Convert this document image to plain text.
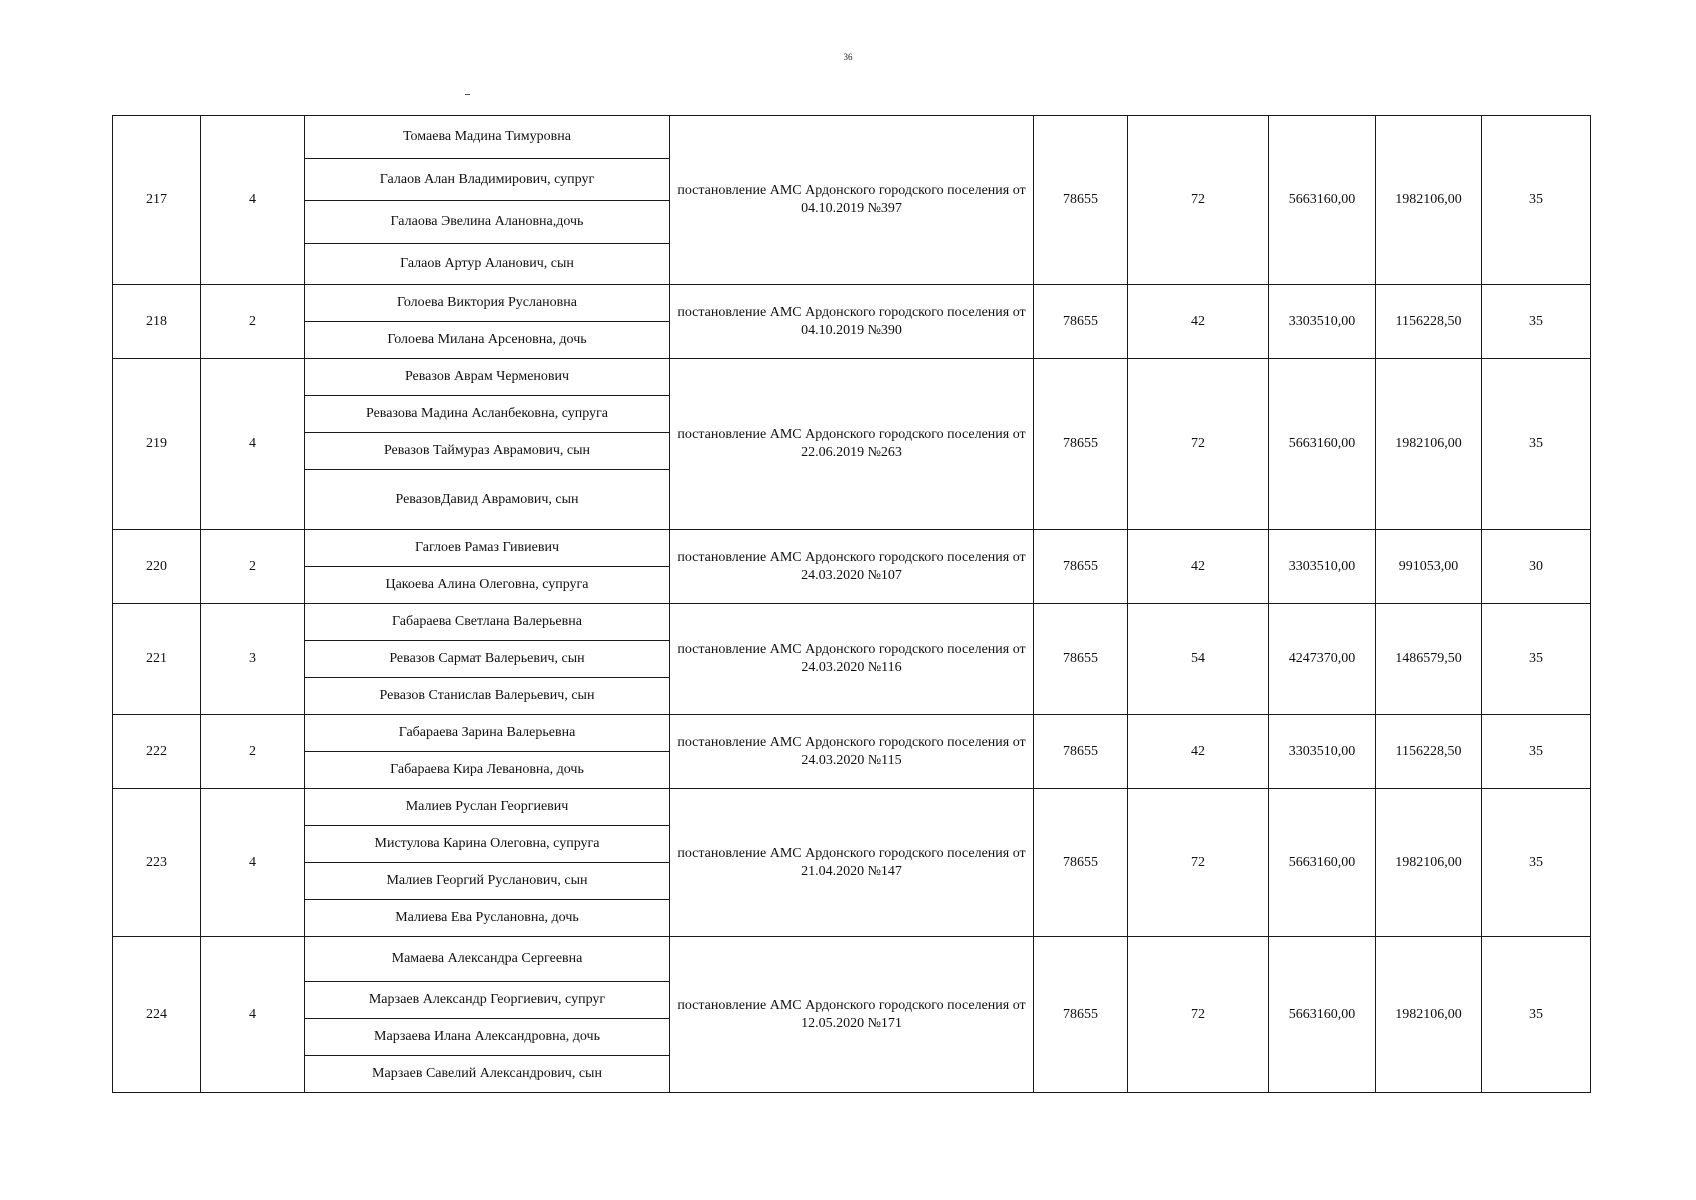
36
217	4	Томаева Мадина Тимуровна	постановление АМС Ардонского городского поселения от 04.10.2019 №397	78655	72	5663160,00	1982106,00	35
		Галаов Алан Владимирович, супруг						
		Галаова Эвелина Алановна,дочь						
		Галаов Артур Аланович, сын						
218	2	Голоева Виктория Руслановна	постановление АМС Ардонского городского поселения от 04.10.2019 №390	78655	42	3303510,00	1156228,50	35
		Голоева Милана Арсеновна, дочь						
219	4	Ревазов Аврам Черменович	постановление АМС Ардонского городского поселения от 22.06.2019 №263	78655	72	5663160,00	1982106,00	35
		Ревазова Мадина Асланбековна, супруга						
		Ревазов Таймураз Аврамович, сын						
		РевазовДавид Аврамович, сын						
220	2	Гаглоев Рамаз Гивиевич	постановление АМС Ардонского городского поселения от 24.03.2020 №107	78655	42	3303510,00	991053,00	30
		Цакоева Алина Олеговна, супруга						
221	3	Габараева Светлана Валерьевна	постановление АМС Ардонского городского поселения от 24.03.2020 №116	78655	54	4247370,00	1486579,50	35
		Ревазов Сармат Валерьевич, сын						
		Ревазов Станислав Валерьевич, сын						
222	2	Габараева Зарина Валерьевна	постановление АМС Ардонского городского поселения от 24.03.2020 №115	78655	42	3303510,00	1156228,50	35
		Габараева Кира Левановна, дочь						
223	4	Малиев Руслан Георгиевич	постановление АМС Ардонского городского поселения от 21.04.2020 №147	78655	72	5663160,00	1982106,00	35
		Мистулова Карина Олеговна, супруга						
		Малиев Георгий Русланович, сын						
		Малиева Ева Руслановна, дочь						
224	4	Мамаева Александра Сергеевна	постановление АМС Ардонского городского поселения от 12.05.2020 №171	78655	72	5663160,00	1982106,00	35
		Марзаев Александр Георгиевич, супруг						
		Марзаева Илана Александровна, дочь						
		Марзаев Савелий Александрович, сын						
